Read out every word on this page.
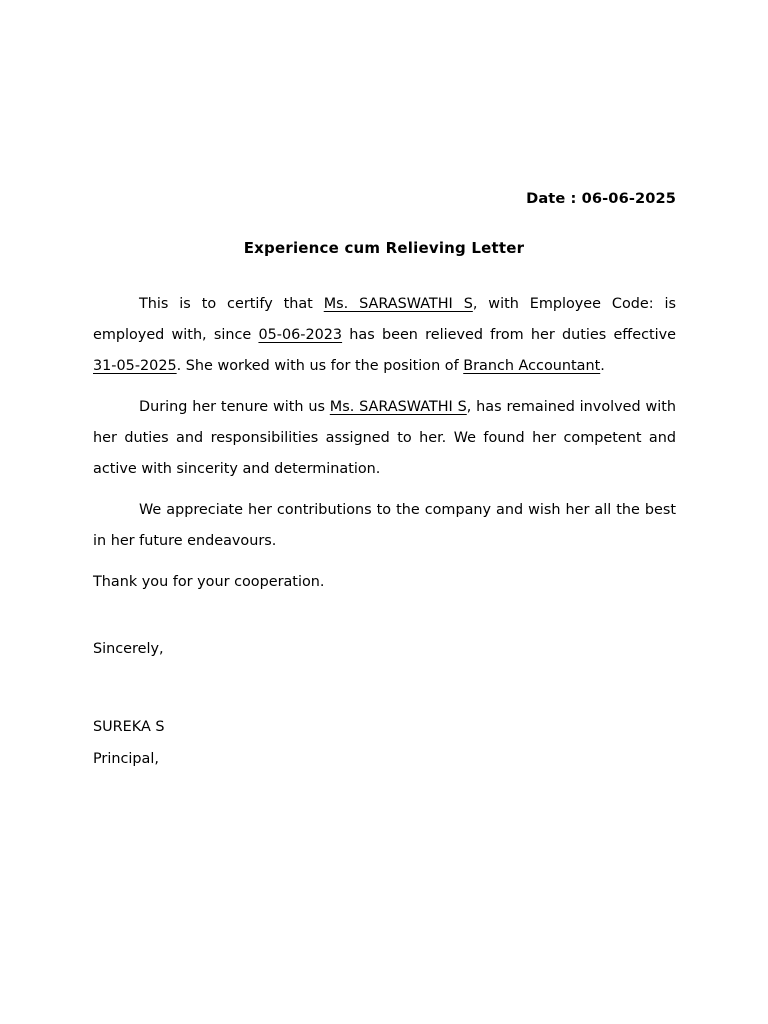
Date : 06-06-2025
Experience cum Relieving Letter
This is to certify that Ms. SARASWATHI S, with Employee Code: is employed with, since 05-06-2023 has been relieved from her duties effective 31-05-2025. She worked with us for the position of Branch Accountant.
During her tenure with us Ms. SARASWATHI S, has remained involved with her duties and responsibilities assigned to her. We found her competent and active with sincerity and determination.
We appreciate her contributions to the company and wish her all the best in her future endeavours.
Thank you for your cooperation.
Sincerely,
SUREKA S
Principal,
